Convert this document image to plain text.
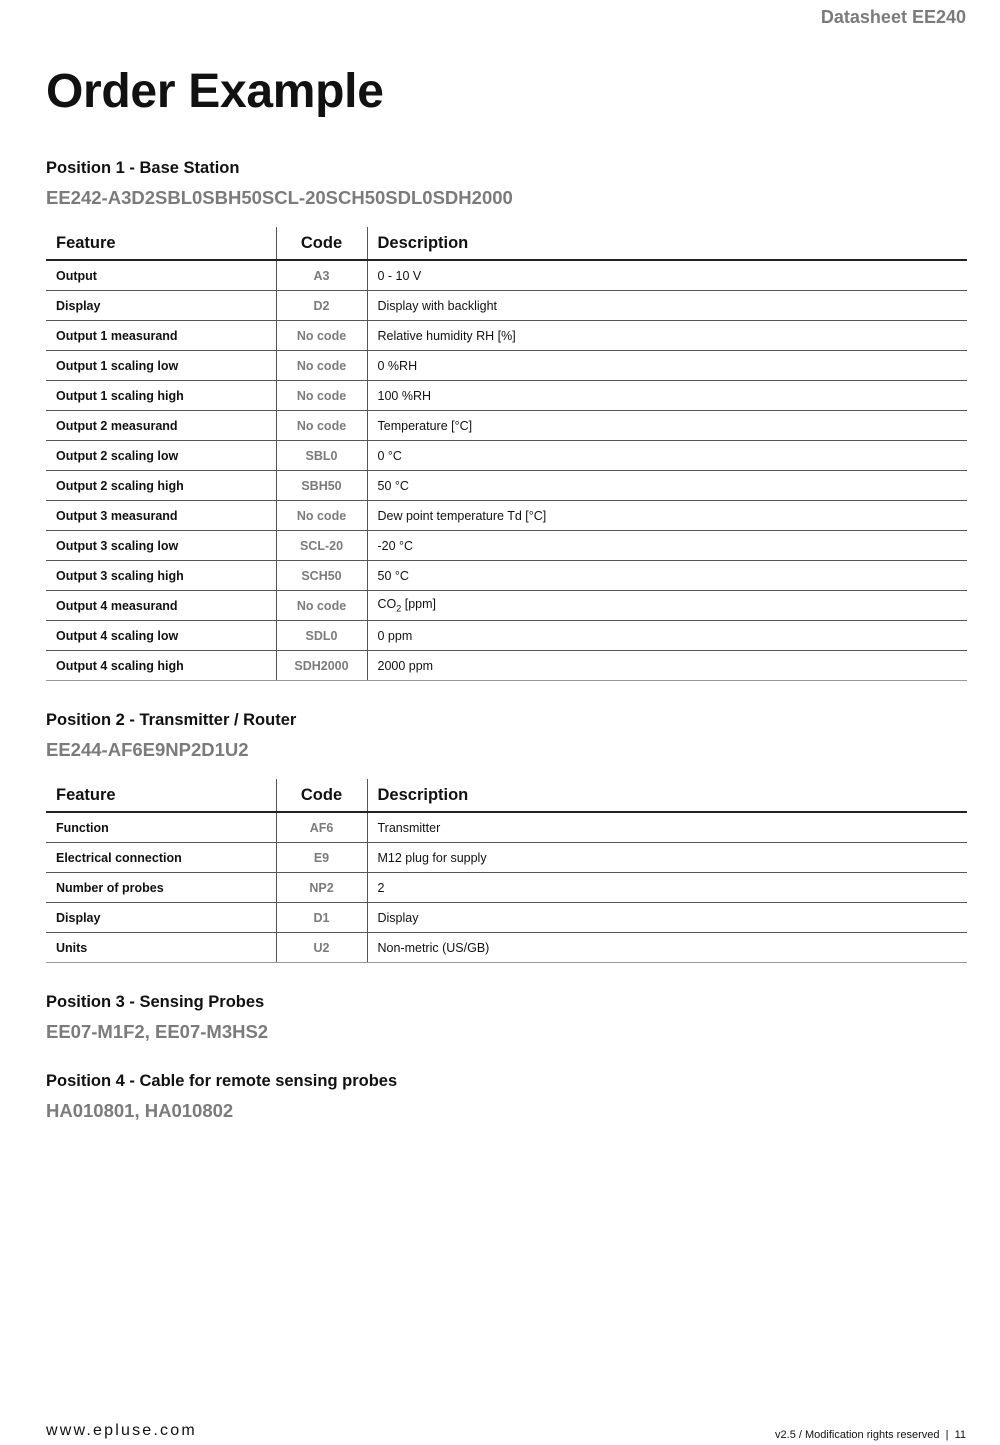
Datasheet EE240
Order Example
Position 1 - Base Station
EE242-A3D2SBL0SBH50SCL-20SCH50SDL0SDH2000
Feature	Code	Description
Output	A3	0 - 10 V
Display	D2	Display with backlight
Output 1 measurand	No code	Relative humidity RH [%]
Output 1 scaling low	No code	0 %RH
Output 1 scaling high	No code	100 %RH
Output 2 measurand	No code	Temperature [°C]
Output 2 scaling low	SBL0	0 °C
Output 2 scaling high	SBH50	50 °C
Output 3 measurand	No code	Dew point temperature Td [°C]
Output 3 scaling low	SCL-20	-20 °C
Output 3 scaling high	SCH50	50 °C
Output 4 measurand	No code	$CO_2$ [ppm]
Output 4 scaling low	SDL0	0 ppm
Output 4 scaling high	SDH2000	2000 ppm
Position 2 - Transmitter / Router
EE244-AF6E9NP2D1U2
Feature	Code	Description
Function	AF6	Transmitter
Electrical connection	E9	M12 plug for supply
Number of probes	NP2	2
Display	D1	Display
Units	U2	Non-metric (US/GB)
Position 3 - Sensing Probes
EE07-M1F2, EE07-M3HS2
Position 4 - Cable for remote sensing probes
HA010801, HA010802
www.epluse.com	v2.5 / Modification rights reserved  |  11
